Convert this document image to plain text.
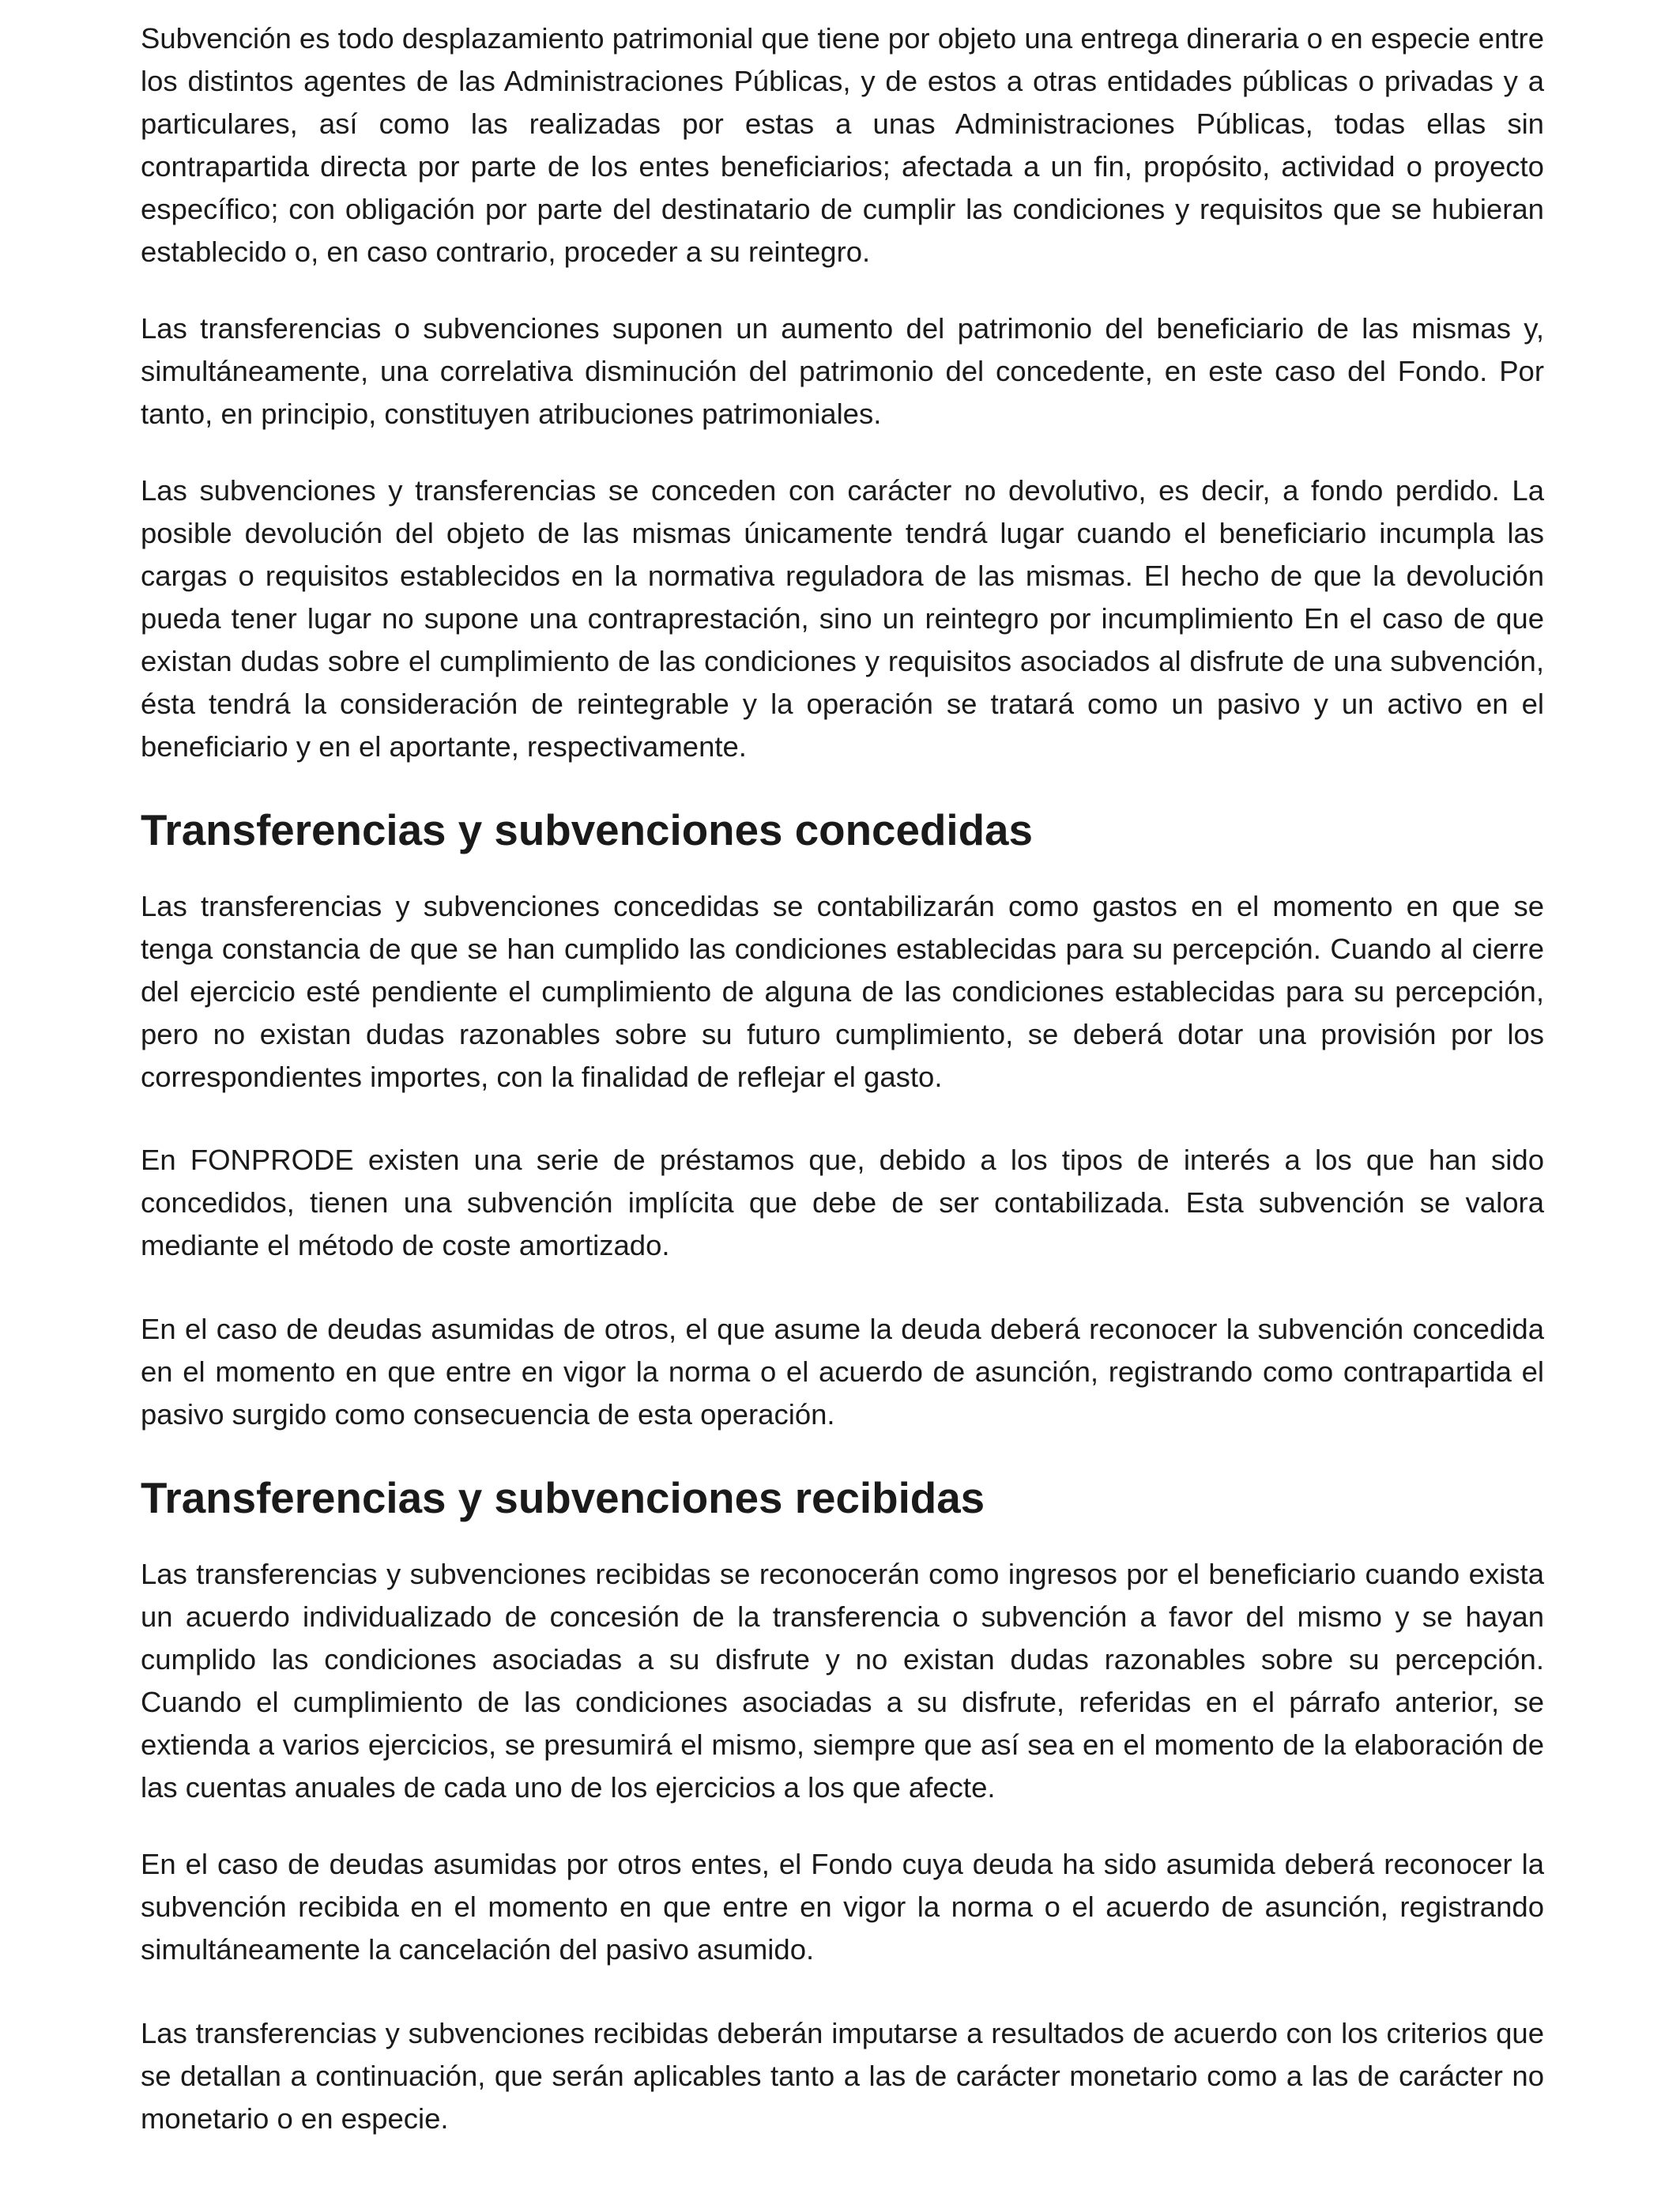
Subvención es todo desplazamiento patrimonial que tiene por objeto una entrega dineraria o en especie entre los distintos agentes de las Administraciones Públicas, y de estos a otras entidades públicas o privadas y a particulares, así como las realizadas por estas a unas Administraciones Públicas, todas ellas sin contrapartida directa por parte de los entes beneficiarios; afectada a un fin, propósito, actividad o proyecto específico; con obligación por parte del destinatario de cumplir las condiciones y requisitos que se hubieran establecido o, en caso contrario, proceder a su reintegro.

Las transferencias o subvenciones suponen un aumento del patrimonio del beneficiario de las mismas y, simultáneamente, una correlativa disminución del patrimonio del concedente, en este caso del Fondo. Por tanto, en principio, constituyen atribuciones patrimoniales.

Las subvenciones y transferencias se conceden con carácter no devolutivo, es decir, a fondo perdido. La posible devolución del objeto de las mismas únicamente tendrá lugar cuando el beneficiario incumpla las cargas o requisitos establecidos en la normativa reguladora de las mismas. El hecho de que la devolución pueda tener lugar no supone una contraprestación, sino un reintegro por incumplimiento En el caso de que existan dudas sobre el cumplimiento de las condiciones y requisitos asociados al disfrute de una subvención, ésta tendrá la consideración de reintegrable y la operación se tratará como un pasivo y un activo en el beneficiario y en el aportante, respectivamente.

Transferencias y subvenciones concedidas

Las transferencias y subvenciones concedidas se contabilizarán como gastos en el momento en que se tenga constancia de que se han cumplido las condiciones establecidas para su percepción. Cuando al cierre del ejercicio esté pendiente el cumplimiento de alguna de las condiciones establecidas para su percepción, pero no existan dudas razonables sobre su futuro cumplimiento, se deberá dotar una provisión por los correspondientes importes, con la finalidad de reflejar el gasto.

En FONPRODE existen una serie de préstamos que, debido a los tipos de interés a los que han sido concedidos, tienen una subvención implícita que debe de ser contabilizada. Esta subvención se valora mediante el método de coste amortizado.

En el caso de deudas asumidas de otros, el que asume la deuda deberá reconocer la subvención concedida en el momento en que entre en vigor la norma o el acuerdo de asunción, registrando como contrapartida el pasivo surgido como consecuencia de esta operación.

Transferencias y subvenciones recibidas

Las transferencias y subvenciones recibidas se reconocerán como ingresos por el beneficiario cuando exista un acuerdo individualizado de concesión de la transferencia o subvención a favor del mismo y se hayan cumplido las condiciones asociadas a su disfrute y no existan dudas razonables sobre su percepción. Cuando el cumplimiento de las condiciones asociadas a su disfrute, referidas en el párrafo anterior, se extienda a varios ejercicios, se presumirá el mismo, siempre que así sea en el momento de la elaboración de las cuentas anuales de cada uno de los ejercicios a los que afecte.

En el caso de deudas asumidas por otros entes, el Fondo cuya deuda ha sido asumida deberá reconocer la subvención recibida en el momento en que entre en vigor la norma o el acuerdo de asunción, registrando simultáneamente la cancelación del pasivo asumido.

Las transferencias y subvenciones recibidas deberán imputarse a resultados de acuerdo con los criterios que se detallan a continuación, que serán aplicables tanto a las de carácter monetario como a las de carácter no monetario o en especie.
